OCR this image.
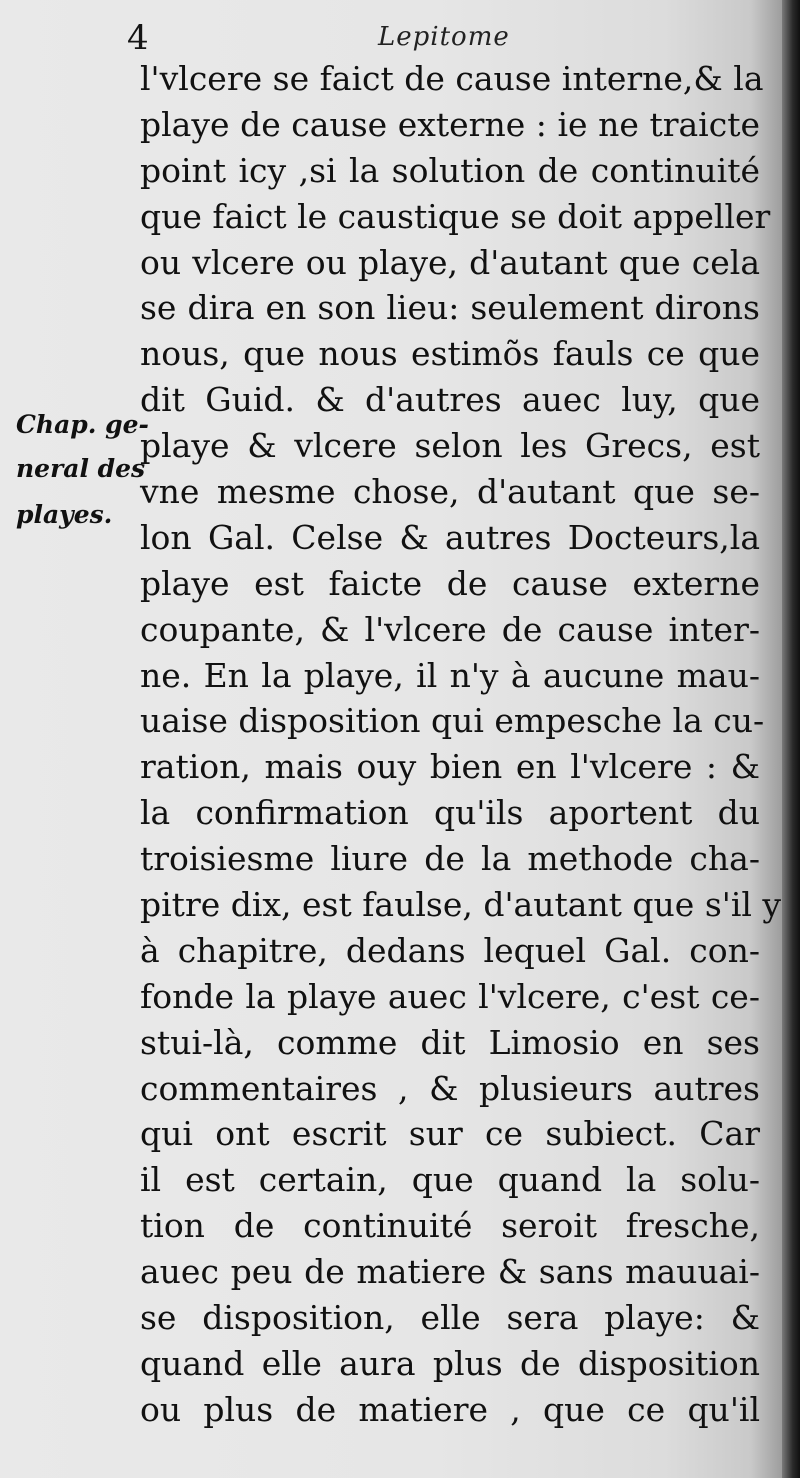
4	Lepitome
Chap. ge-
neral des
playes.
l'vlcere se faict de cause interne,& la
playe de cause externe : ie ne traicte
point icy ,si la solution de continuité
que faict le caustique se doit appeller
ou vlcere ou playe, d'autant que cela
se dira en son lieu: seulement dirons
nous, que nous estimõs fauls ce que
dit Guid. & d'autres auec luy, que
playe & vlcere selon les Grecs, est
vne mesme chose, d'autant que se-
lon Gal. Celse & autres Docteurs,la
playe est faicte de cause externe
coupante, & l'vlcere de cause inter-
ne. En la playe, il n'y à aucune mau-
uaise disposition qui empesche la cu-
ration, mais ouy bien en l'vlcere : &
la confirmation qu'ils aportent du
troisiesme liure de la methode cha-
pitre dix, est faulse, d'autant que s'il y
à chapitre, dedans lequel Gal. con-
fonde la playe auec l'vlcere, c'est ce-
stui-là, comme dit Limosio en ses
commentaires , & plusieurs autres
qui ont escrit sur ce subiect. Car
il est certain, que quand la solu-
tion de continuité seroit fresche,
auec peu de matiere & sans mauuai-
se disposition, elle sera playe: &
quand elle aura plus de disposition
ou plus de matiere , que ce qu'il
